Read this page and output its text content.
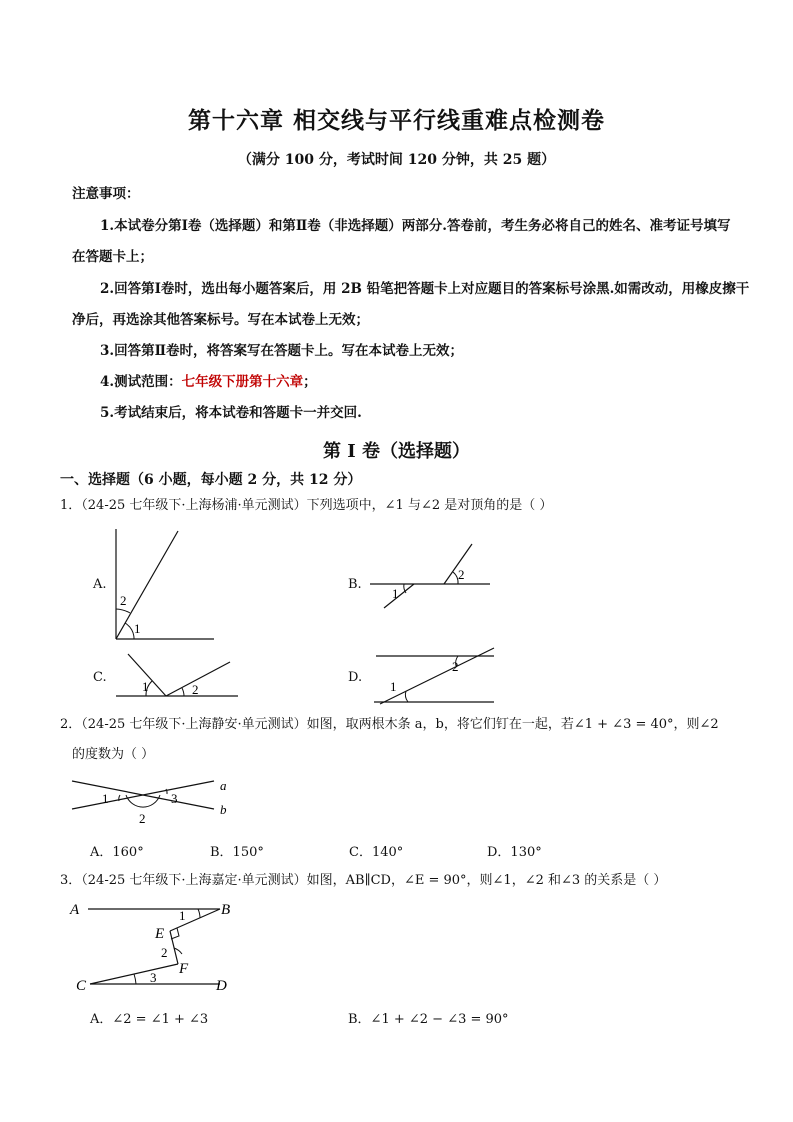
第十六章 相交线与平行线重难点检测卷
（满分 100 分，考试时间 120 分钟，共 25 题）
注意事项：
1.本试卷分第Ⅰ卷（选择题）和第Ⅱ卷（非选择题）两部分.答卷前，考生务必将自己的姓名、准考证号填写
在答题卡上；
2.回答第Ⅰ卷时，选出每小题答案后，用 2B 铅笔把答题卡上对应题目的答案标号涂黑.如需改动，用橡皮擦干
净后，再选涂其他答案标号。写在本试卷上无效；
3.回答第Ⅱ卷时，将答案写在答题卡上。写在本试卷上无效；
4.测试范围：七年级下册第十六章；
5.考试结束后，将本试卷和答题卡一并交回.
第 I 卷（选择题）
一、选择题（6 小题，每小题 2 分，共 12 分）
1．（24-25 七年级下·上海杨浦·单元测试）下列选项中，∠1 与∠2 是对顶角的是（ ）
A.
2
1
B.
1
2
C.
1	2
D.
1
2
2．（24-25 七年级下·上海静安·单元测试）如图，取两根木条 a，b，将它们钉在一起，若∠1 + ∠3 = 40°，则∠2
的度数为（ ）
a
b
1	3
2
A．160°	B．150°	C．140°	D．130°
3．（24-25 七年级下·上海嘉定·单元测试）如图，AB∥CD，∠E = 90°，则∠1，∠2 和∠3 的关系是（ ）
A	B
C	D
E
F
1
2
3
A．∠2 = ∠1 + ∠3	B．∠1 + ∠2 − ∠3 = 90°
